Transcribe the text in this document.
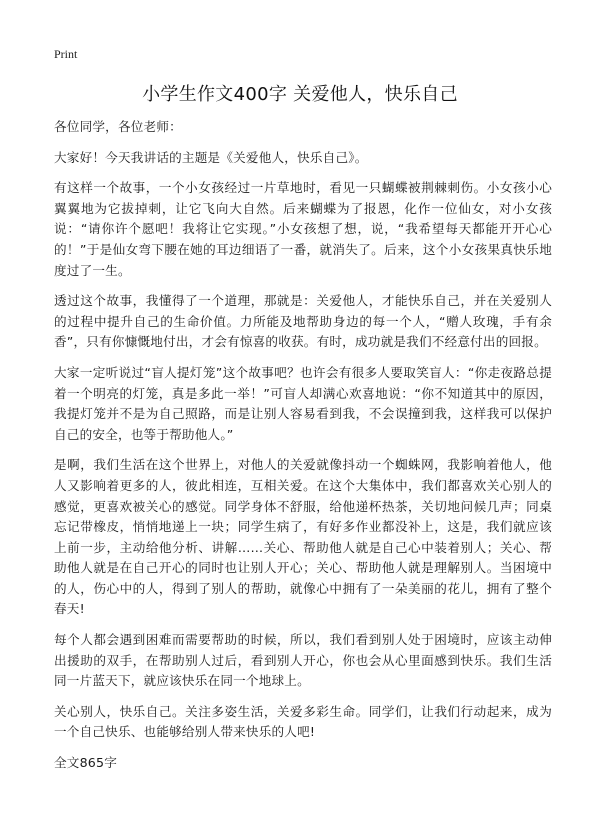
Print
小学生作文400字 关爱他人，快乐自己

各位同学，各位老师：

大家好！今天我讲话的主题是《关爱他人，快乐自己》。

有这样一个故事，一个小女孩经过一片草地时，看见一只蝴蝶被荆棘刺伤。小女孩小心翼翼地为它拔掉刺，让它飞向大自然。后来蝴蝶为了报恩，化作一位仙女，对小女孩说：“请你许个愿吧！我将让它实现。”小女孩想了想，说，“我希望每天都能开开心心的！”于是仙女弯下腰在她的耳边细语了一番，就消失了。后来，这个小女孩果真快乐地度过了一生。

透过这个故事，我懂得了一个道理，那就是：关爱他人，才能快乐自己，并在关爱别人的过程中提升自己的生命价值。力所能及地帮助身边的每一个人，“赠人玫瑰，手有余香”，只有你慷慨地付出，才会有惊喜的收获。有时，成功就是我们不经意付出的回报。

大家一定听说过“盲人提灯笼”这个故事吧？也许会有很多人要取笑盲人：“你走夜路总提着一个明亮的灯笼，真是多此一举！”可盲人却满心欢喜地说：“你不知道其中的原因，我提灯笼并不是为自己照路，而是让别人容易看到我，不会误撞到我，这样我可以保护自己的安全，也等于帮助他人。”

是啊，我们生活在这个世界上，对他人的关爱就像抖动一个蜘蛛网，我影响着他人，他人又影响着更多的人，彼此相连，互相关爱。在这个大集体中，我们都喜欢关心别人的感觉，更喜欢被关心的感觉。同学身体不舒服，给他递杯热茶，关切地问候几声；同桌忘记带橡皮，悄悄地递上一块；同学生病了，有好多作业都没补上，这是，我们就应该上前一步，主动给他分析、讲解……关心、帮助他人就是自己心中装着别人；关心、帮助他人就是在自己开心的同时也让别人开心；关心、帮助他人就是理解别人。当困境中的人，伤心中的人，得到了别人的帮助，就像心中拥有了一朵美丽的花儿，拥有了整个春天!

每个人都会遇到困难而需要帮助的时候，所以，我们看到别人处于困境时，应该主动伸出援助的双手，在帮助别人过后，看到别人开心，你也会从心里面感到快乐。我们生活同一片蓝天下，就应该快乐在同一个地球上。

关心别人，快乐自己。关注多姿生活，关爱多彩生命。同学们，让我们行动起来，成为一个自己快乐、也能够给别人带来快乐的人吧!

全文865字
